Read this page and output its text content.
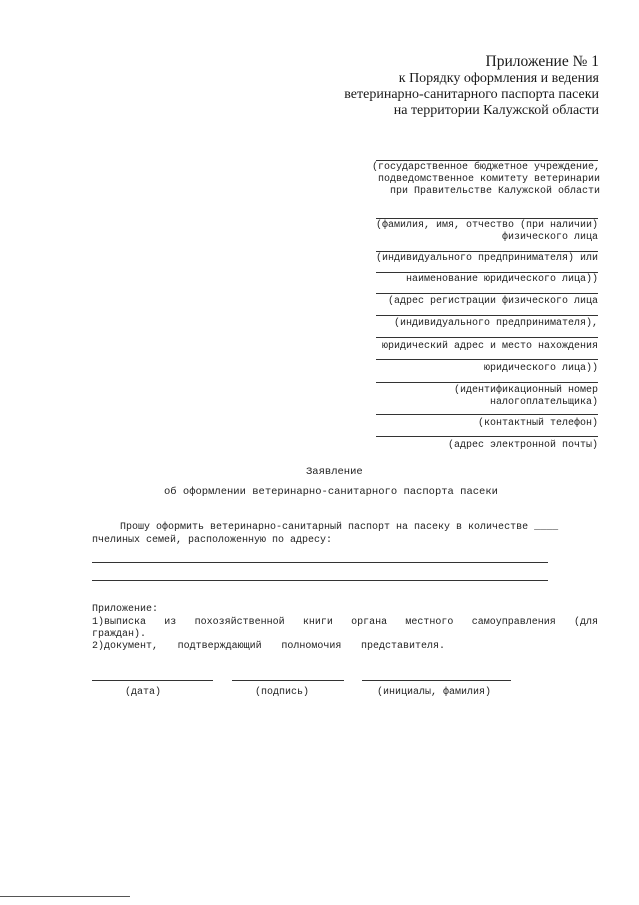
Приложение № 1
к Порядку оформления и ведения
ветеринарно-санитарного паспорта пасеки
на территории Калужской области
(государственное бюджетное учреждение,
подведомственное комитету ветеринарии
при Правительстве Калужской области
(фамилия, имя, отчество (при наличии)
физического лица
(индивидуального предпринимателя) или
наименование юридического лица))
(адрес регистрации физического лица
(индивидуального предпринимателя),
юридический адрес и место нахождения
юридического лица))
(идентификационный номер
налогоплательщика)
(контактный телефон)
(адрес электронной почты)
Заявление
об оформлении ветеринарно-санитарного паспорта пасеки
Прошу оформить ветеринарно-санитарный паспорт на пасеку в количестве ____
пчелиных семей, расположенную по адресу:
Приложение:
1)выписка из похозяйственной книги органа местного самоуправления (для
граждан).
2)документ, подтверждающий полномочия представителя.
(дата)	(подпись)	(инициалы, фамилия)
